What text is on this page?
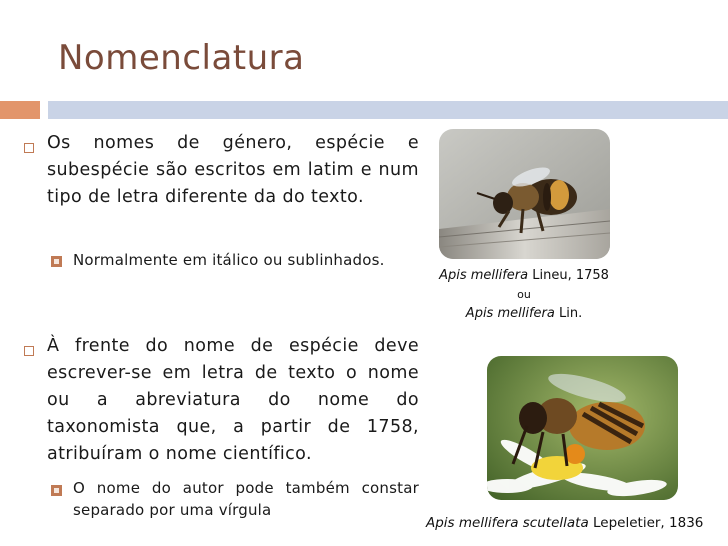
Nomenclatura
Os nomes de género, espécie e subespécie são escritos em latim e num tipo de letra diferente da do texto.
Normalmente em itálico ou sublinhados.
À frente do nome de espécie deve escrever-se em letra de texto o nome ou a abreviatura do nome do taxonomista que, a partir de 1758, atribuíram o nome científico.
O nome do autor pode também constar separado por uma vírgula
Apis mellifera Lineu, 1758
ou
Apis mellifera Lin.
Apis mellifera scutellata Lepeletier, 1836
